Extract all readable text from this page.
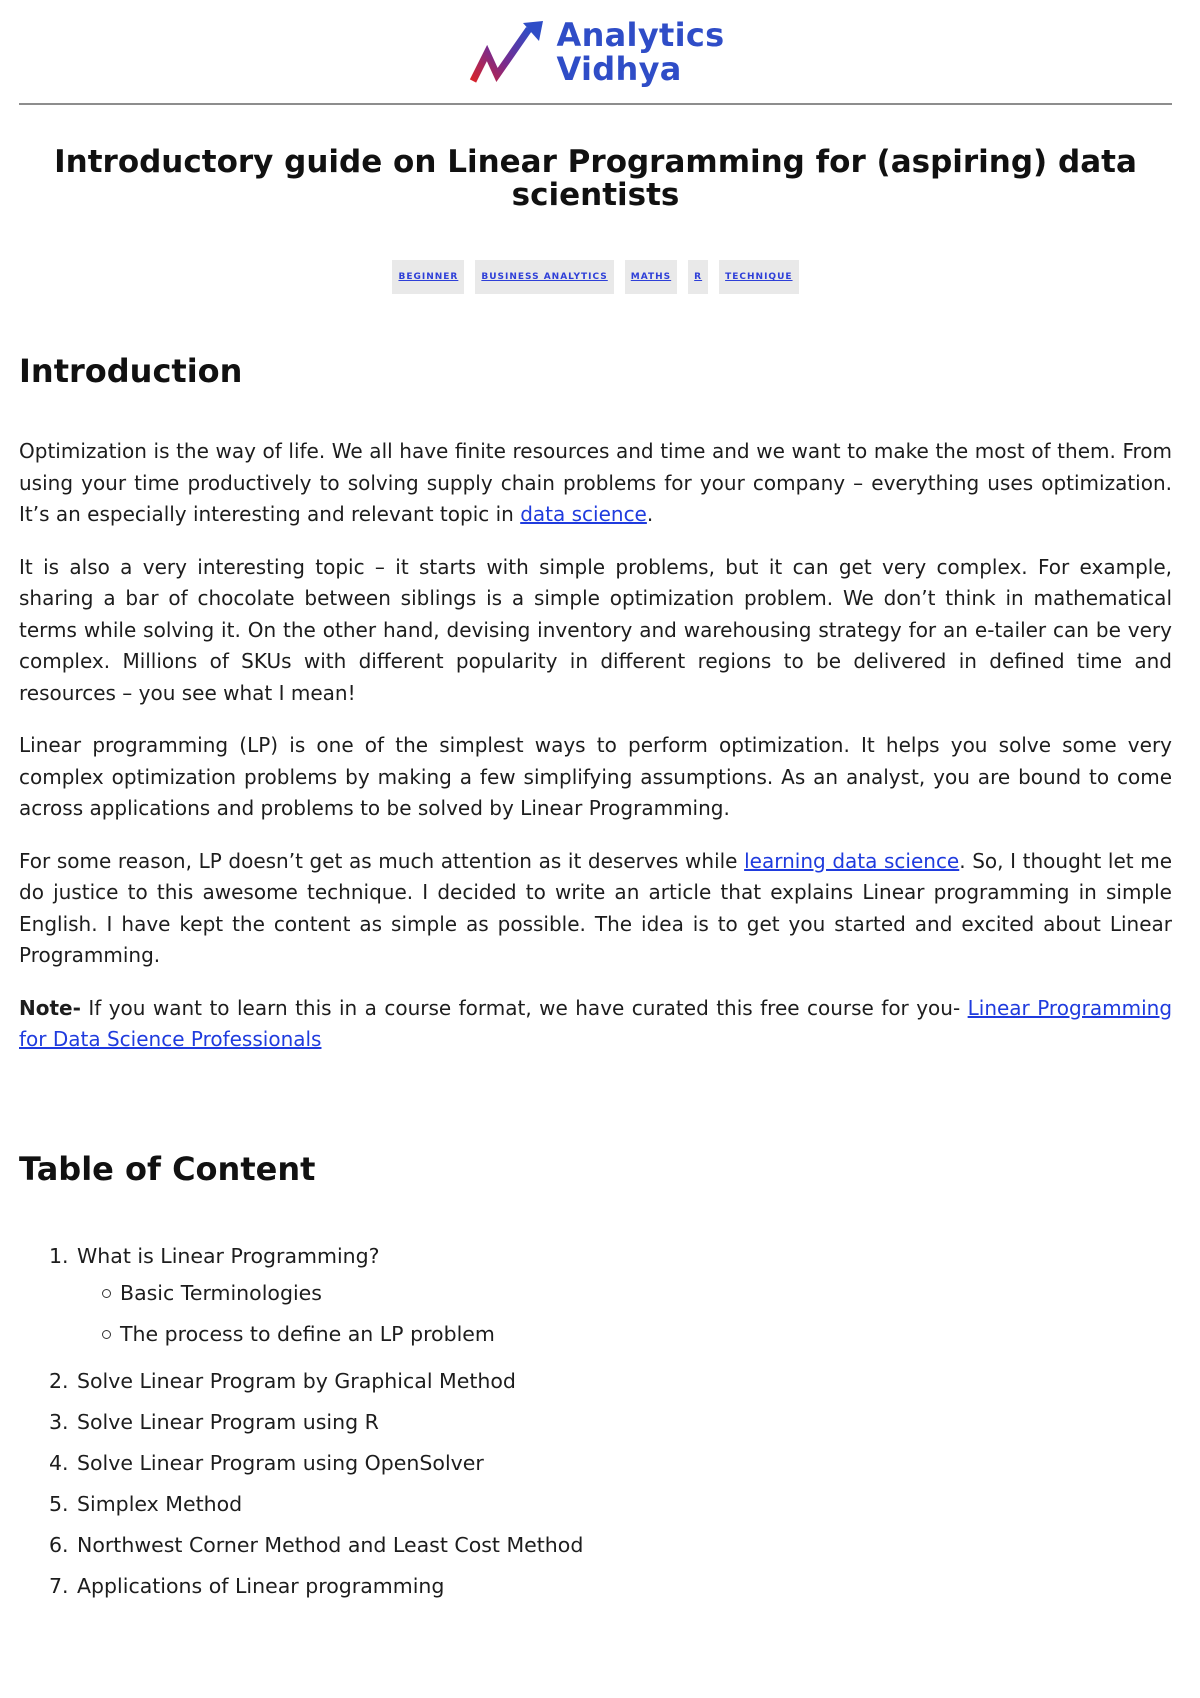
Analytics
Vidhya
Introductory guide on Linear Programming for (aspiring) data scientists
BEGINNER	BUSINESS ANALYTICS	MATHS	R	TECHNIQUE
Introduction

Optimization is the way of life. We all have finite resources and time and we want to make the most of them. From using your time productively to solving supply chain problems for your company – everything uses optimization. It’s an especially interesting and relevant topic in data science.

It is also a very interesting topic – it starts with simple problems, but it can get very complex. For example, sharing a bar of chocolate between siblings is a simple optimization problem. We don’t think in mathematical terms while solving it. On the other hand, devising inventory and warehousing strategy for an e-tailer can be very complex. Millions of SKUs with different popularity in different regions to be delivered in defined time and resources – you see what I mean!

Linear programming (LP) is one of the simplest ways to perform optimization. It helps you solve some very complex optimization problems by making a few simplifying assumptions. As an analyst, you are bound to come across applications and problems to be solved by Linear Programming.

For some reason, LP doesn’t get as much attention as it deserves while learning data science. So, I thought let me do justice to this awesome technique. I decided to write an article that explains Linear programming in simple English. I have kept the content as simple as possible. The idea is to get you started and excited about Linear Programming.

Note- If you want to learn this in a course format, we have curated this free course for you- Linear Programming for Data Science Professionals

Table of Content
1. What is Linear Programming?
Basic Terminologies
The process to define an LP problem
2. Solve Linear Program by Graphical Method
3. Solve Linear Program using R
4. Solve Linear Program using OpenSolver
5. Simplex Method
6. Northwest Corner Method and Least Cost Method
7. Applications of Linear programming
